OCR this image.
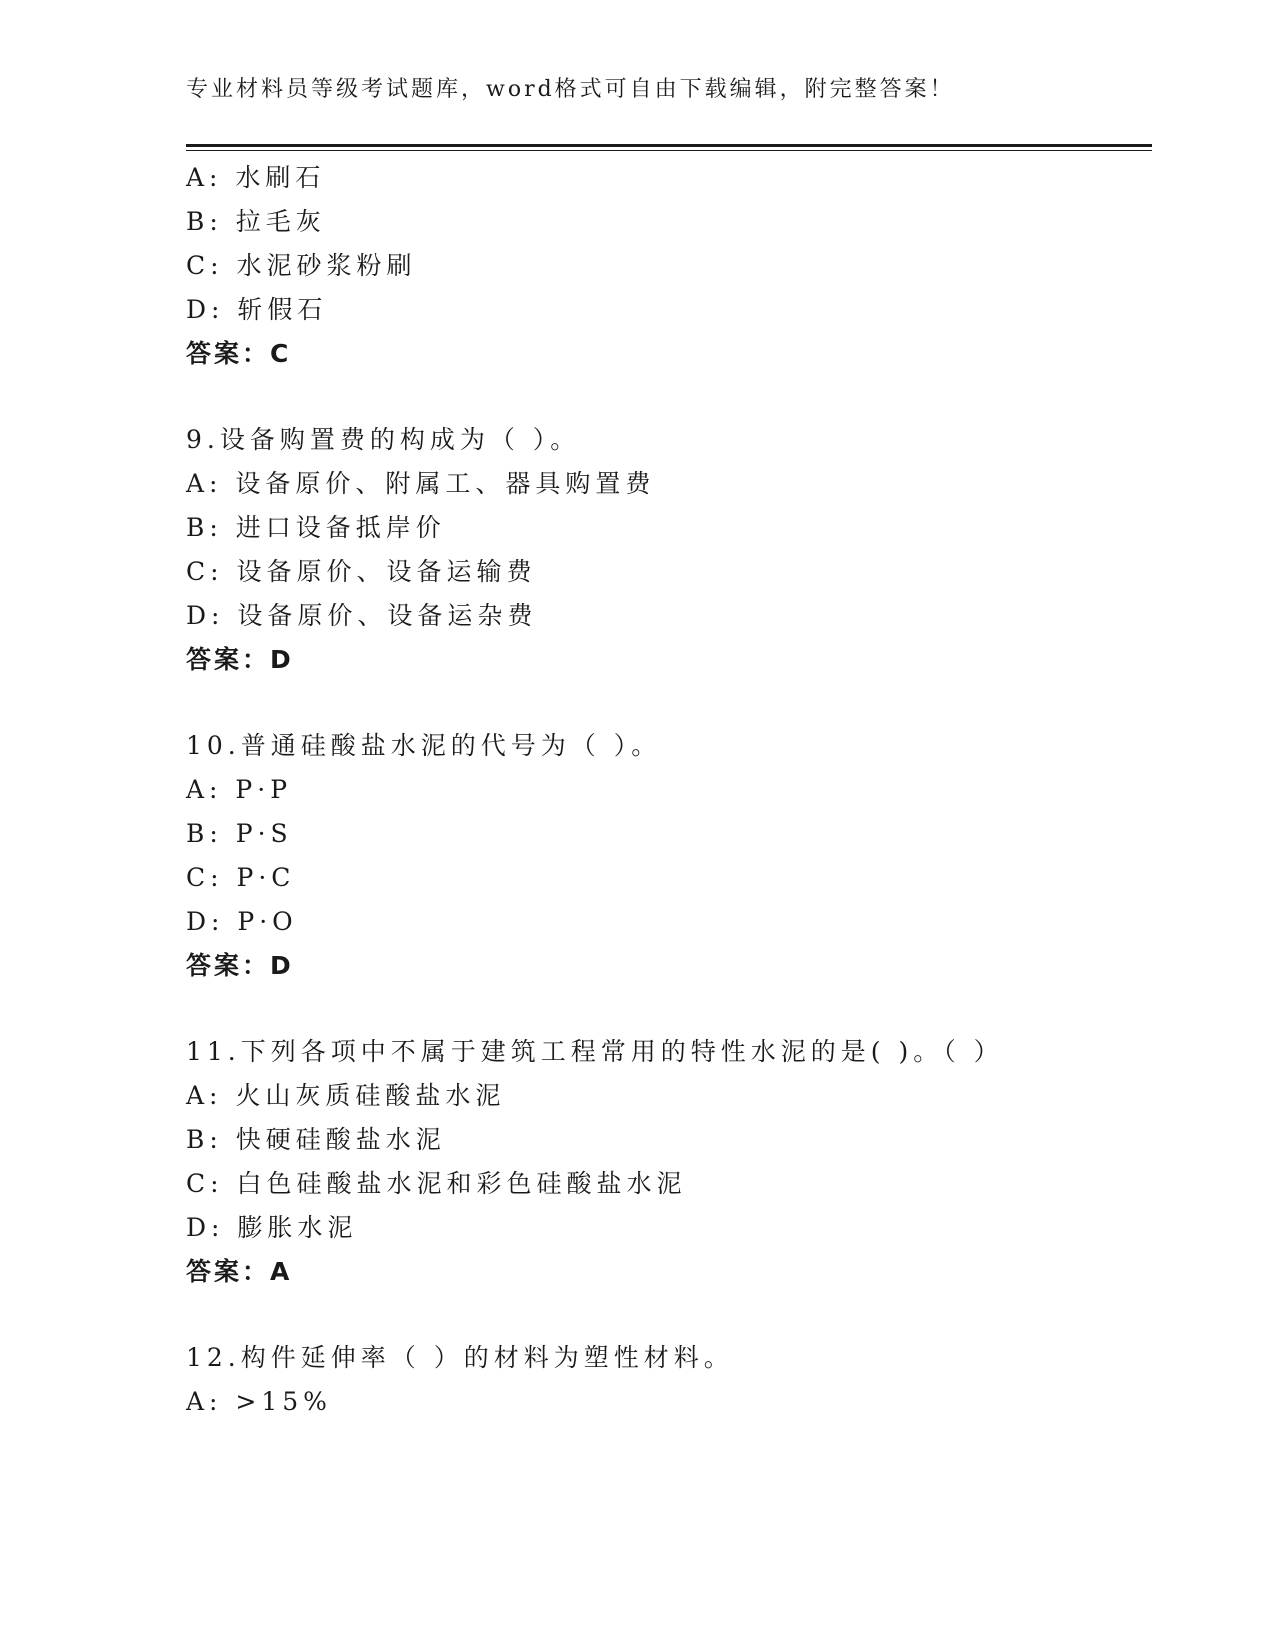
专业材料员等级考试题库，word格式可自由下载编辑，附完整答案！
A: 水刷石
B: 拉毛灰
C: 水泥砂浆粉刷
D: 斩假石
答案：C
9.设备购置费的构成为（ ）。
A: 设备原价、附属工、器具购置费
B: 进口设备抵岸价
C: 设备原价、设备运输费
D: 设备原价、设备运杂费
答案：D
10.普通硅酸盐水泥的代号为（ ）。
A: P·P
B: P·S
C: P·C
D: P·O
答案：D
11.下列各项中不属于建筑工程常用的特性水泥的是( )。（ ）
A: 火山灰质硅酸盐水泥
B: 快硬硅酸盐水泥
C: 白色硅酸盐水泥和彩色硅酸盐水泥
D: 膨胀水泥
答案：A
12.构件延伸率（ ）的材料为塑性材料。
A: >15%
